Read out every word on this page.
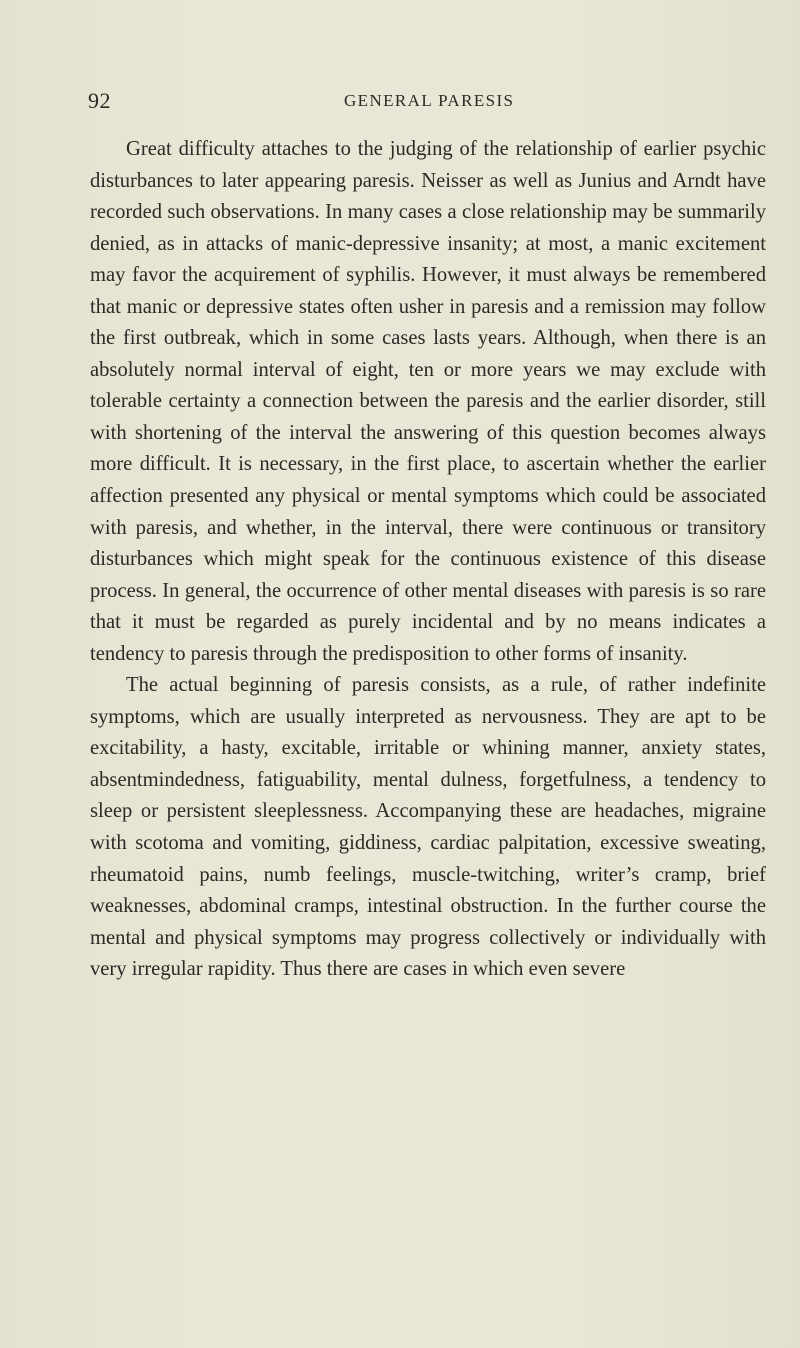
92	GENERAL PARESIS

Great difficulty attaches to the judging of the relationship of earlier psychic disturbances to later appearing paresis. Neisser as well as Junius and Arndt have recorded such observations. In many cases a close relationship may be summarily denied, as in attacks of manic-depressive insanity; at most, a manic excitement may favor the acquirement of syphilis. However, it must always be remembered that manic or depressive states often usher in paresis and a remission may follow the first outbreak, which in some cases lasts years. Although, when there is an absolutely normal interval of eight, ten or more years we may exclude with tolerable certainty a connection between the paresis and the earlier disorder, still with shortening of the interval the answering of this question becomes always more difficult. It is necessary, in the first place, to ascertain whether the earlier affection presented any physical or mental symptoms which could be associated with paresis, and whether, in the interval, there were continuous or transitory disturbances which might speak for the continuous existence of this disease process. In general, the occurrence of other mental diseases with paresis is so rare that it must be regarded as purely incidental and by no means indicates a tendency to paresis through the predisposition to other forms of insanity.

The actual beginning of paresis consists, as a rule, of rather indefinite symptoms, which are usually interpreted as nervousness. They are apt to be excitability, a hasty, excitable, irritable or whining manner, anxiety states, absentmindedness, fatiguability, mental dulness, forgetfulness, a tendency to sleep or persistent sleeplessness. Accompanying these are headaches, migraine with scotoma and vomiting, giddiness, cardiac palpitation, excessive sweating, rheumatoid pains, numb feelings, muscle-twitching, writer’s cramp, brief weaknesses, abdominal cramps, intestinal obstruction. In the further course the mental and physical symptoms may progress collectively or individually with very irregular rapidity. Thus there are cases in which even severe
